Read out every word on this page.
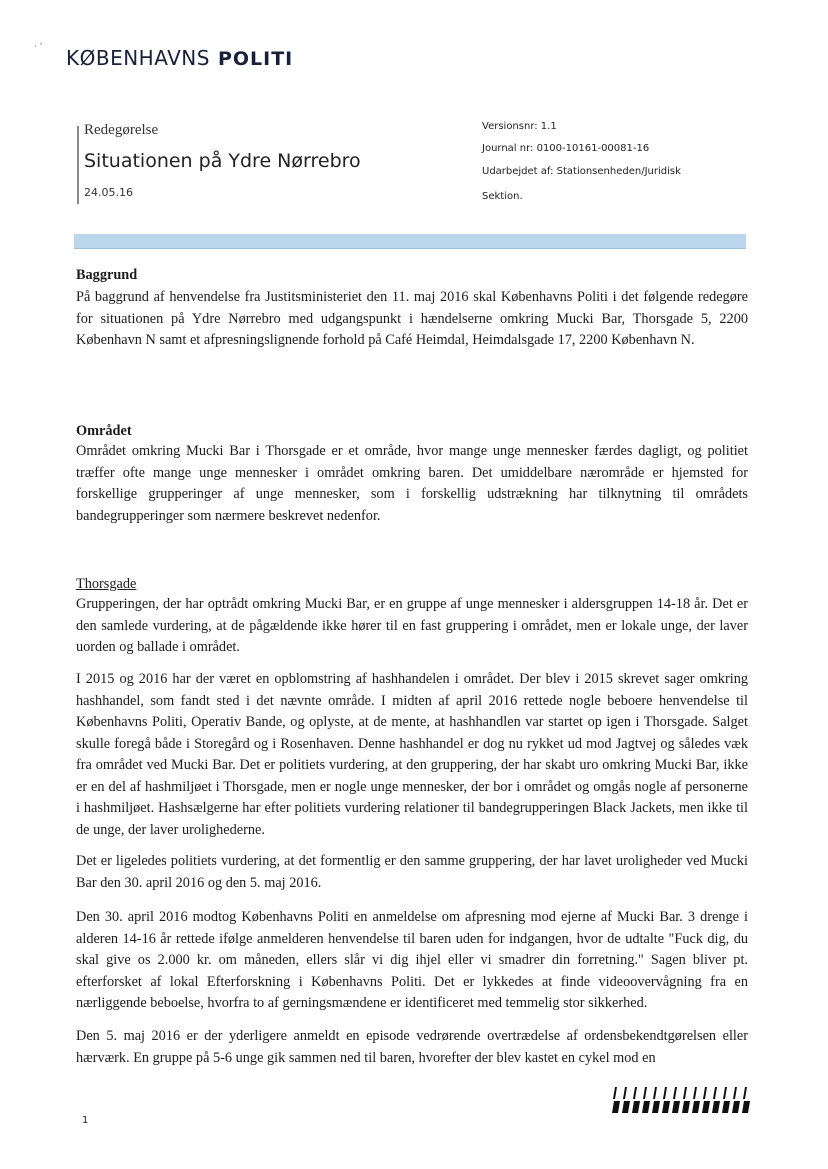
· ' KØBENHAVNS POLITI
Redegørelse
Situationen på Ydre Nørrebro
24.05.16
Versionsnr: 1.1
Journal nr: 0100-10161-00081-16
Udarbejdet af: Stationsenheden/Juridisk
Sektion.
Baggrund
På baggrund af henvendelse fra Justitsministeriet den 11. maj 2016 skal Københavns Politi i det følgende redegøre for situationen på Ydre Nørrebro med udgangspunkt i hændelserne omkring Mucki Bar, Thorsgade 5, 2200 København N samt et afpresningslignende forhold på Café Heimdal, Heimdalsgade 17, 2200 København N.
Området
Området omkring Mucki Bar i Thorsgade er et område, hvor mange unge mennesker færdes dagligt, og politiet træffer ofte mange unge mennesker i området omkring baren. Det umiddelbare nærområde er hjemsted for forskellige grupperinger af unge mennesker, som i forskellig udstrækning har tilknytning til områdets bandegrupperinger som nærmere beskrevet nedenfor.
Thorsgade
Grupperingen, der har optrådt omkring Mucki Bar, er en gruppe af unge mennesker i aldersgruppen 14-18 år. Det er den samlede vurdering, at de pågældende ikke hører til en fast gruppering i området, men er lokale unge, der laver uorden og ballade i området.
I 2015 og 2016 har der været en opblomstring af hashhandelen i området. Der blev i 2015 skrevet sager omkring hashhandel, som fandt sted i det nævnte område. I midten af april 2016 rettede nogle beboere henvendelse til Københavns Politi, Operativ Bande, og oplyste, at de mente, at hashhandlen var startet op igen i Thorsgade. Salget skulle foregå både i Storegård og i Rosenhaven. Denne hashhandel er dog nu rykket ud mod Jagtvej og således væk fra området ved Mucki Bar. Det er politiets vurdering, at den gruppering, der har skabt uro omkring Mucki Bar, ikke er en del af hashmiljøet i Thorsgade, men er nogle unge mennesker, der bor i området og omgås nogle af personerne i hashmiljøet. Hashsælgerne har efter politiets vurdering relationer til bandegrupperingen Black Jackets, men ikke til de unge, der laver urolighederne.
Det er ligeledes politiets vurdering, at det formentlig er den samme gruppering, der har lavet uroligheder ved Mucki Bar den 30. april 2016 og den 5. maj 2016.
Den 30. april 2016 modtog Københavns Politi en anmeldelse om afpresning mod ejerne af Mucki Bar. 3 drenge i alderen 14-16 år rettede ifølge anmelderen henvendelse til baren uden for indgangen, hvor de udtalte "Fuck dig, du skal give os 2.000 kr. om måneden, ellers slår vi dig ihjel eller vi smadrer din forretning." Sagen bliver pt. efterforsket af lokal Efterforskning i Københavns Politi. Det er lykkedes at finde videoovervågning fra en nærliggende beboelse, hvorfra to af gerningsmændene er identificeret med temmelig stor sikkerhed.
Den 5. maj 2016 er der yderligere anmeldt en episode vedrørende overtrædelse af ordensbekendtgørelsen eller hærværk. En gruppe på 5-6 unge gik sammen ned til baren, hvorefter der blev kastet en cykel mod en
1
